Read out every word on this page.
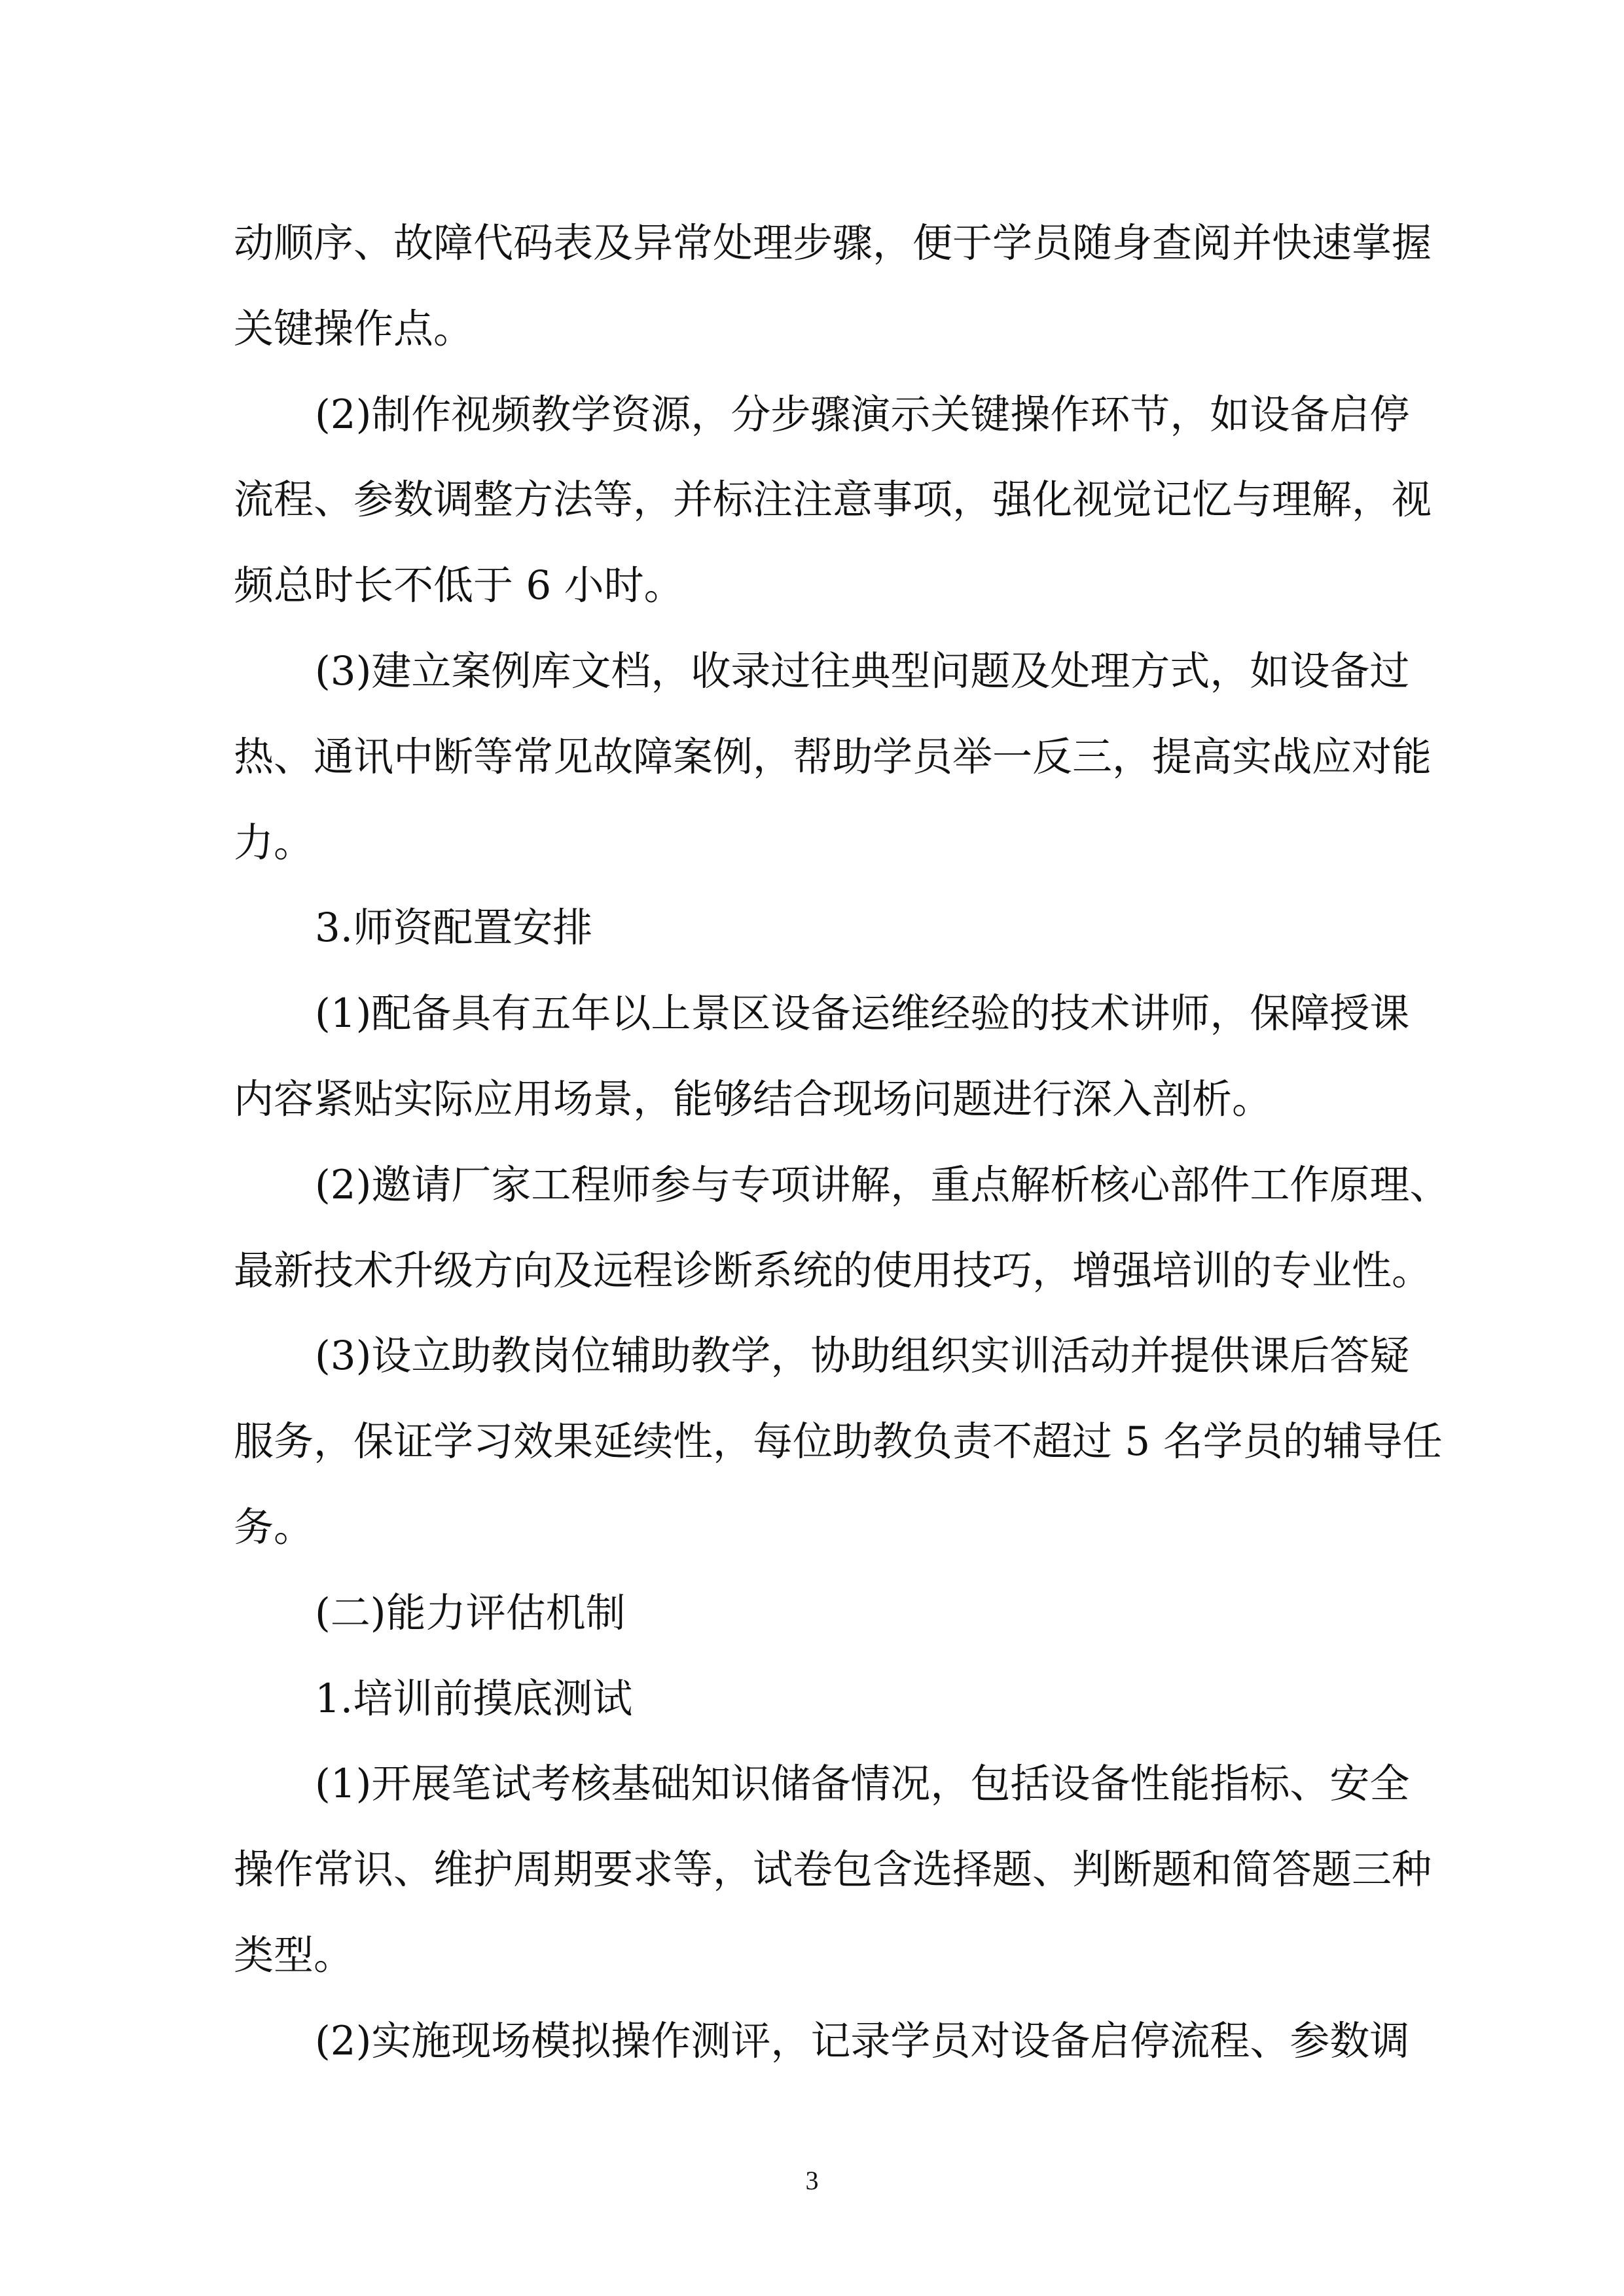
动顺序、故障代码表及异常处理步骤，便于学员随身查阅并快速掌握
关键操作点。
(2)制作视频教学资源，分步骤演示关键操作环节，如设备启停
流程、参数调整方法等，并标注注意事项，强化视觉记忆与理解，视
频总时长不低于 6 小时。
(3)建立案例库文档，收录过往典型问题及处理方式，如设备过
热、通讯中断等常见故障案例，帮助学员举一反三，提高实战应对能
力。
3.师资配置安排
(1)配备具有五年以上景区设备运维经验的技术讲师，保障授课
内容紧贴实际应用场景，能够结合现场问题进行深入剖析。
(2)邀请厂家工程师参与专项讲解，重点解析核心部件工作原理、
最新技术升级方向及远程诊断系统的使用技巧，增强培训的专业性。
(3)设立助教岗位辅助教学，协助组织实训活动并提供课后答疑
服务，保证学习效果延续性，每位助教负责不超过 5 名学员的辅导任
务。
(二)能力评估机制
1.培训前摸底测试
(1)开展笔试考核基础知识储备情况，包括设备性能指标、安全
操作常识、维护周期要求等，试卷包含选择题、判断题和简答题三种
类型。
(2)实施现场模拟操作测评，记录学员对设备启停流程、参数调
3
